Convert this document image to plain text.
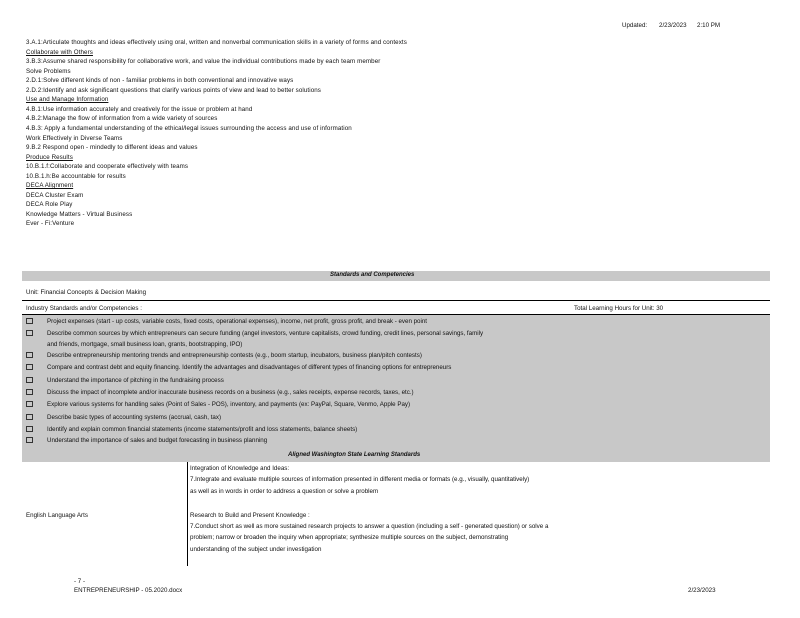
Updated: 2/23/2023 2:10 PM
3.A.1:Articulate thoughts and ideas effectively using oral, written and nonverbal communication skills in a variety of forms and contexts
Collaborate with Others
3.B.3:Assume shared responsibility for collaborative work, and value the individual contributions made by each team member
Solve Problems
2.D.1:Solve different kinds of non - familiar problems in both conventional and innovative ways
2.D.2:Identify and ask significant questions that clarify various points of view and lead to better solutions
Use and Manage Information
4.B.1:Use information accurately and creatively for the issue or problem at hand
4.B.2:Manage the flow of information from a wide variety of sources
4.B.3: Apply a fundamental understanding of the ethical/legal issues surrounding the access and use of information
Work Effectively in Diverse Teams
9.B.2 Respond open - mindedly to different ideas and values
Produce Results
10.B.1.f:Collaborate and cooperate effectively with teams
10.B.1.h:Be accountable for results
DECA Alignment
DECA Cluster Exam
DECA Role Play
Knowledge Matters - Virtual Business
Ever - Fi:Venture
Standards and Competencies
Unit: Financial Concepts & Decision Making
Industry Standards and/or Competencies :	Total Learning Hours for Unit: 30
Project expenses (start - up costs, variable costs, fixed costs, operational expenses), income, net profit, gross profit, and break - even point
Describe common sources by which entrepreneurs can secure funding (angel investors, venture capitalists, crowd funding, credit lines, personal savings, family
and friends, mortgage, small business loan, grants, bootstrapping, IPO)
Describe entrepreneurship mentoring trends and entrepreneurship contests (e.g., boom startup, incubators, business plan/pitch contests)
Compare and contrast debt and equity financing. Identify the advantages and disadvantages of different types of financing options for entrepreneurs
Understand the importance of pitching in the fundraising process
Discuss the impact of incomplete and/or inaccurate business records on a business (e.g., sales receipts, expense records, taxes, etc.)
Explore various systems for handling sales (Point of Sales - POS), inventory, and payments (ex: PayPal, Square, Venmo, Apple Pay)
Describe basic types of accounting systems (accrual, cash, tax)
Identify and explain common financial statements (income statements/profit and loss statements, balance sheets)
Understand the importance of sales and budget forecasting in business planning
Aligned Washington State Learning Standards
English Language Arts
Integration of Knowledge and Ideas:
7.Integrate and evaluate multiple sources of information presented in different media or formats (e.g., visually, quantitatively)
as well as in words in order to address a question or solve a problem
Research to Build and Present Knowledge :
7.Conduct short as well as more sustained research projects to answer a question (including a self - generated question) or solve a
problem; narrow or broaden the inquiry when appropriate; synthesize multiple sources on the subject, demonstrating
understanding of the subject under investigation
- 7 -
ENTREPRENEURSHIP - 05.2020.docx	2/23/2023
